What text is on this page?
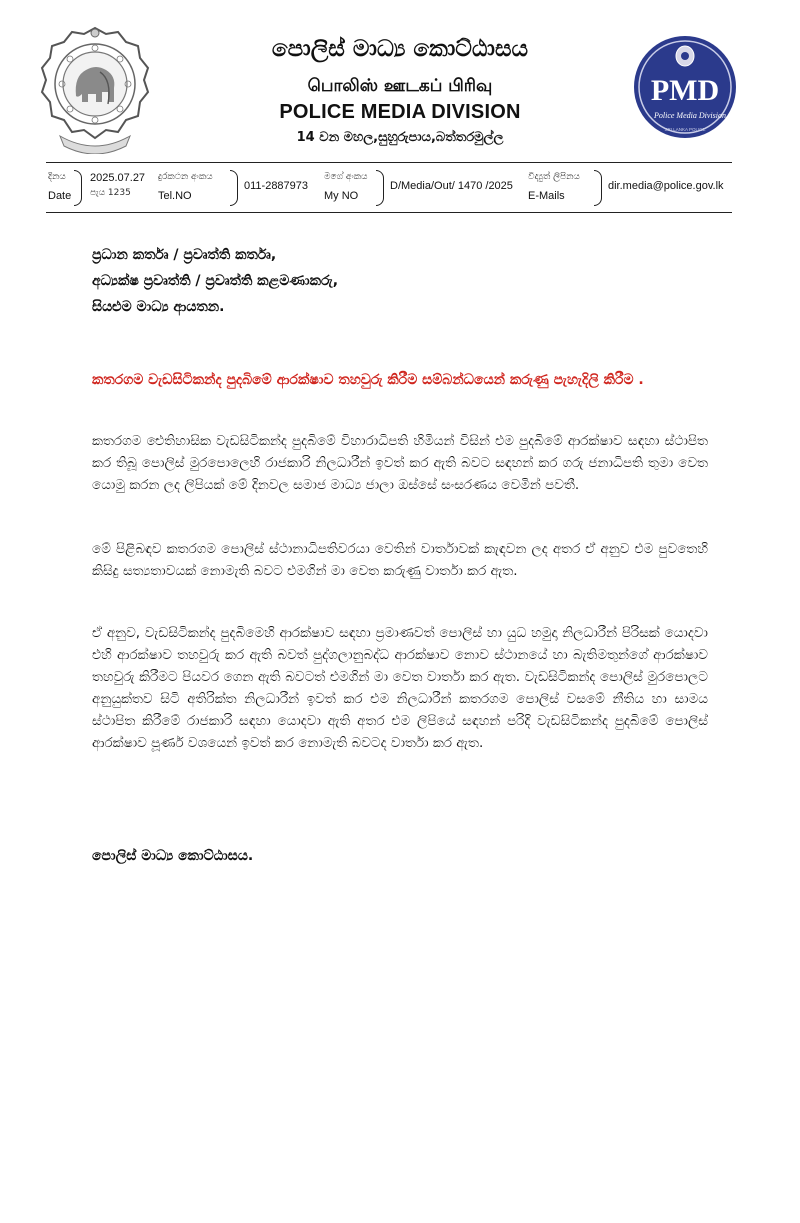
පොලිස් මාධ්‍ය කොට්ඨාසය
பொலிஸ் ஊடகப் பிரிவு
POLICE MEDIA DIVISION
14 වන මහල,සුහුරුපාය,බත්තරමුල්ල
PMD
Police Media Division
SRI LANKA POLICE
දිනය
Date
2025.07.27
පැය 1235
දුරකථන අංකය
Tel.NO
011-2887973
මගේ අංකය
My NO
D/Media/Out/ 1470 /2025
විද්‍යුත් ලිපිනය
E-Mails
dir.media@police.gov.lk
ප්‍රධාන කර්තෘ / ප්‍රවෘත්ති කර්තෘ,
අධ්‍යක්ෂ ප්‍රවෘත්ති / ප්‍රවෘත්ති කළමණාකරු,
සියළුම මාධ්‍ය ආයතන.
කතරගම වැඩසිටිකන්ද පුදබිමේ ආරක්ෂාව තහවුරු කිරීම සම්බන්ධයෙන් කරුණු පැහැදිලි කිරීම .
කතරගම ඓතිහාසික වැඩසිටිකන්ද පුදබිමේ විහාරාධිපති හිමියන් විසින් එම පුදබිමේ ආරක්ෂාව සඳහා ස්ථාපිත කර තිබූ පොලිස් මුරපොලෙහි රාජකාරි නිලධාරීන් ඉවත් කර ඇති බවට සඳහන් කර ගරු ජනාධිපති තුමා වෙත යොමු කරන ලද ලිපියක් මේ දිනවල සමාජ මාධ්‍ය ජාලා ඔස්සේ සංසරණය වෙමින් පවතී.
මේ පිළිබඳව කතරගම පොලිස් ස්ථානාධිපතිවරයා වෙතින් වාර්තාවක් කැඳවන ලද අතර ඒ අනුව එම පුවතෙහි කිසිදු සත්‍යතාවයක් නොමැති බවට එමගින් මා වෙත කරුණු වාර්තා කර ඇත.
ඒ අනුව, වැඩසිටිකන්ද පුදබිමෙහි ආරක්ෂාව සඳහා ප්‍රමාණවත් පොලිස් හා යුධ හමුදා නිලධාරීන් පිරිසක් යොදවා එහි ආරක්ෂාව තහවුරු කර ඇති බවත් පුද්ගලානුබද්ධ ආරක්ෂාව නොව ස්ථානයේ හා බැතිමතුන්ගේ ආරක්ෂාව තහවුරු කිරීමට පියවර ගෙන ඇති බවටත් එමගින් මා වෙත වාර්තා කර ඇත. වැඩසිටිකන්ද පොලිස් මුරපොලට අනුයුක්තව සිටි අතිරික්ත නිලධාරීන් ඉවත් කර එම නිලධාරීන් කතරගම පොලිස් වසමේ නීතිය හා සාමය ස්ථාපිත කිරීමේ රාජකාරි සඳහා යොදවා ඇති අතර එම ලිපියේ සඳහන් පරිදි වැඩසිටිකන්ද පුදබිමේ පොලිස් ආරක්ෂාව පූර්ණ වශයෙන් ඉවත් කර නොමැති බවටද වාර්තා කර ඇත.
පොලිස් මාධ්‍ය කොට්ඨාසය.
